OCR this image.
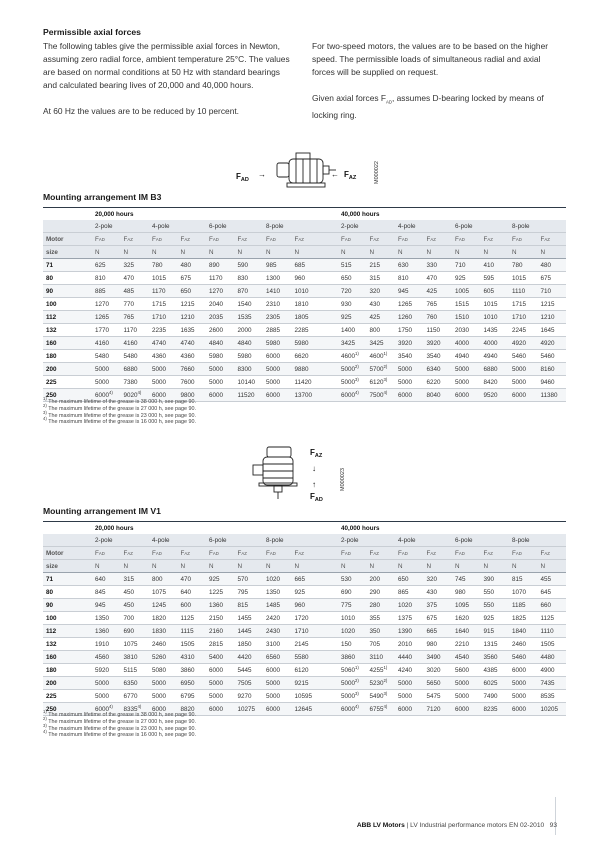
Permissible axial forces

The following tables give the permissible axial forces in Newton, assuming zero radial force, ambient temperature 25°C. The values are based on normal conditions at 50 Hz with standard bearings and calculated bearing lives of 20,000 and 40,000 hours.

At 60 Hz the values are to be reduced by 10 percent.

For two-speed motors, the values are to be based on the higher speed. The permissible loads of simultaneous radial and axial forces will be supplied on request.

Given axial forces $F_{AD}$, assumes D-bearing locked by means of locking ring.

$F_{AD}$
→	← $F_{AZ}$	M000022
Mounting arrangement IM B3
	20,000 hours									40,000 hours							
	2-pole		4-pole		6-pole		8-pole			2-pole		4-pole		6-pole		8-pole	
Motor	FAD	FAZ	FAD	FAZ	FAD	FAZ	FAD	FAZ		FAD	FAZ	FAD	FAZ	FAD	FAZ	FAD	FAZ
size	N	N	N	N	N	N	N	N		N	N	N	N	N	N	N	N
71	625	325	780	480	890	590	985	685		515	215	630	330	710	410	780	480
80	810	470	1015	675	1170	830	1300	960		650	315	810	470	925	595	1015	675
90	885	485	1170	650	1270	870	1410	1010		720	320	945	425	1005	605	1110	710
100	1270	770	1715	1215	2040	1540	2310	1810		930	430	1265	765	1515	1015	1715	1215
112	1265	765	1710	1210	2035	1535	2305	1805		925	425	1260	760	1510	1010	1710	1210
132	1770	1170	2235	1635	2600	2000	2885	2285		1400	800	1750	1150	2030	1435	2245	1645
160	4160	4160	4740	4740	4840	4840	5980	5980		3425	3425	3920	3920	4000	4000	4920	4920
180	5480	5480	4360	4360	5980	5980	6000	6620		4600$^{1)}$	4600$^{1)}$	3540	3540	4940	4940	5460	5460
200	5000	6880	5000	7660	5000	8300	5000	9880		5000$^{2)}$	5700$^{2)}$	5000	6340	5000	6880	5000	8160
225	5000	7380	5000	7600	5000	10140	5000	11420		5000$^{3)}$	6120$^{3)}$	5000	6220	5000	8420	5000	9460
250	6000$^{4)}$	9020$^{4)}$	6000	9800	6000	11520	6000	13700		6000$^{4)}$	7500$^{4)}$	6000	8040	6000	9520	6000	11380
$^{1)}$ The maximum lifetime of the grease is 38 000 h, see page 90.
$^{2)}$ The maximum lifetime of the grease is 27 000 h, see page 90.
$^{3)}$ The maximum lifetime of the grease is 23 000 h, see page 90.
$^{4)}$ The maximum lifetime of the grease is 16 000 h, see page 90.
$F_{AZ}$
↓
↑
$F_{AD}$
M000023
Mounting arrangement IM V1
	20,000 hours									40,000 hours							
	2-pole		4-pole		6-pole		8-pole			2-pole		4-pole		6-pole		8-pole	
Motor	FAD	FAZ	FAD	FAZ	FAD	FAZ	FAD	FAZ		FAD	FAZ	FAD	FAZ	FAD	FAZ	FAD	FAZ
size	N	N	N	N	N	N	N	N		N	N	N	N	N	N	N	N
71	640	315	800	470	925	570	1020	665		530	200	650	320	745	390	815	455
80	845	450	1075	640	1225	795	1350	925		690	290	865	430	980	550	1070	645
90	945	450	1245	600	1360	815	1485	960		775	280	1020	375	1095	550	1185	660
100	1350	700	1820	1125	2150	1455	2420	1720		1010	355	1375	675	1620	925	1825	1125
112	1360	690	1830	1115	2160	1445	2430	1710		1020	350	1390	665	1640	915	1840	1110
132	1910	1075	2460	1505	2815	1850	3100	2145		150	705	2010	980	2210	1315	2460	1505
160	4560	3810	5260	4310	5400	4420	6560	5580		3860	3110	4440	3490	4540	3560	5460	4480
180	5920	5115	5080	3860	6000	5445	6000	6120		5060$^{1)}$	4255$^{1)}$	4240	3020	5600	4385	6000	4900
200	5000	6350	5000	6950	5000	7505	5000	9215		5000$^{2)}$	5230$^{2)}$	5000	5650	5000	6025	5000	7435
225	5000	6770	5000	6795	5000	9270	5000	10595		5000$^{3)}$	5490$^{3)}$	5000	5475	5000	7490	5000	8535
250	6000$^{4)}$	8335$^{4)}$	6000	8820	6000	10275	6000	12645		6000$^{4)}$	6755$^{4)}$	6000	7120	6000	8235	6000	10205
$^{1)}$ The maximum lifetime of the grease is 38 000 h, see page 90.
$^{2)}$ The maximum lifetime of the grease is 27 000 h, see page 90.
$^{3)}$ The maximum lifetime of the grease is 23 000 h, see page 90.
$^{4)}$ The maximum lifetime of the grease is 16 000 h, see page 90.
ABB LV Motors | LV Industrial performance motors EN 02-2010 93
